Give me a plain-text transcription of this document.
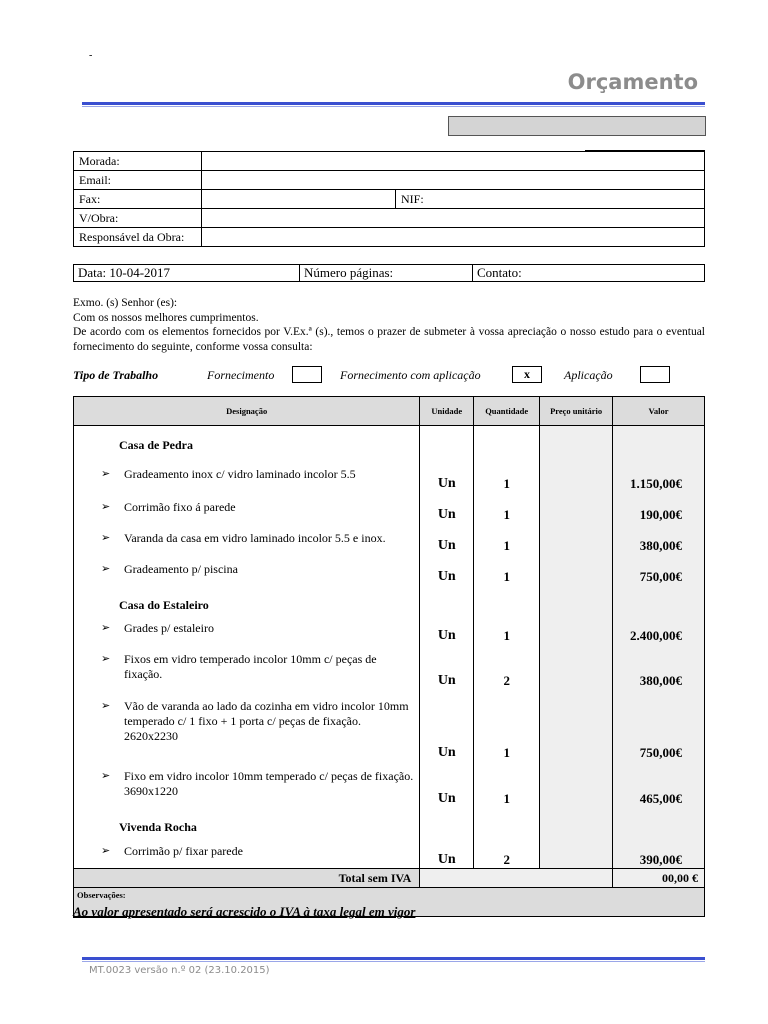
-
Orçamento
Morada:		
Email:		
Fax:		NIF:
V/Obra:		
Responsável da Obra:		
Data: 10-04-2017	Número páginas:	Contato:
Exmo. (s) Senhor (es):
Com os nossos melhores cumprimentos.
De acordo com os elementos fornecidos por V.Ex.ª (s)., temos o prazer de submeter à vossa apreciação o nosso estudo para o eventual fornecimento do seguinte, conforme vossa consulta:
Tipo de Trabalho	Fornecimento	Fornecimento com aplicação	x	Aplicação
Designação	Unidade	Quantidade	Preço unitário	Valor

Casa de Pedra				

➢ Gradeamento inox c/ vidro laminado incolor 5.5	Un	1		1.150,00€

➢ Corrimão fixo á parede	Un	1		190,00€

➢ Varanda da casa em vidro laminado incolor 5.5 e inox.	Un	1		380,00€

➢ Gradeamento p/ piscina	Un	1		750,00€
Casa do Estaleiro				

➢ Grades p/ estaleiro	Un	1		2.400,00€

➢ Fixos em vidro temperado incolor 10mm c/ peças de fixação.	Un	2		380,00€

➢ Vão de varanda ao lado da cozinha em vidro incolor 10mm temperado c/ 1 fixo + 1 porta c/ peças de fixação. 2620x2230	Un	1		750,00€

➢ Fixo em vidro incolor 10mm temperado c/ peças de fixação. 3690x1220	Un	1		465,00€
Vivenda Rocha				

➢ Corrimão p/ fixar parede	Un	2		390,00€
Total sem IVA				00,00 €
Observações:				
Ao valor apresentado será acrescido o IVA à taxa legal em vigor
MT.0023 versão n.º 02 (23.10.2015)
